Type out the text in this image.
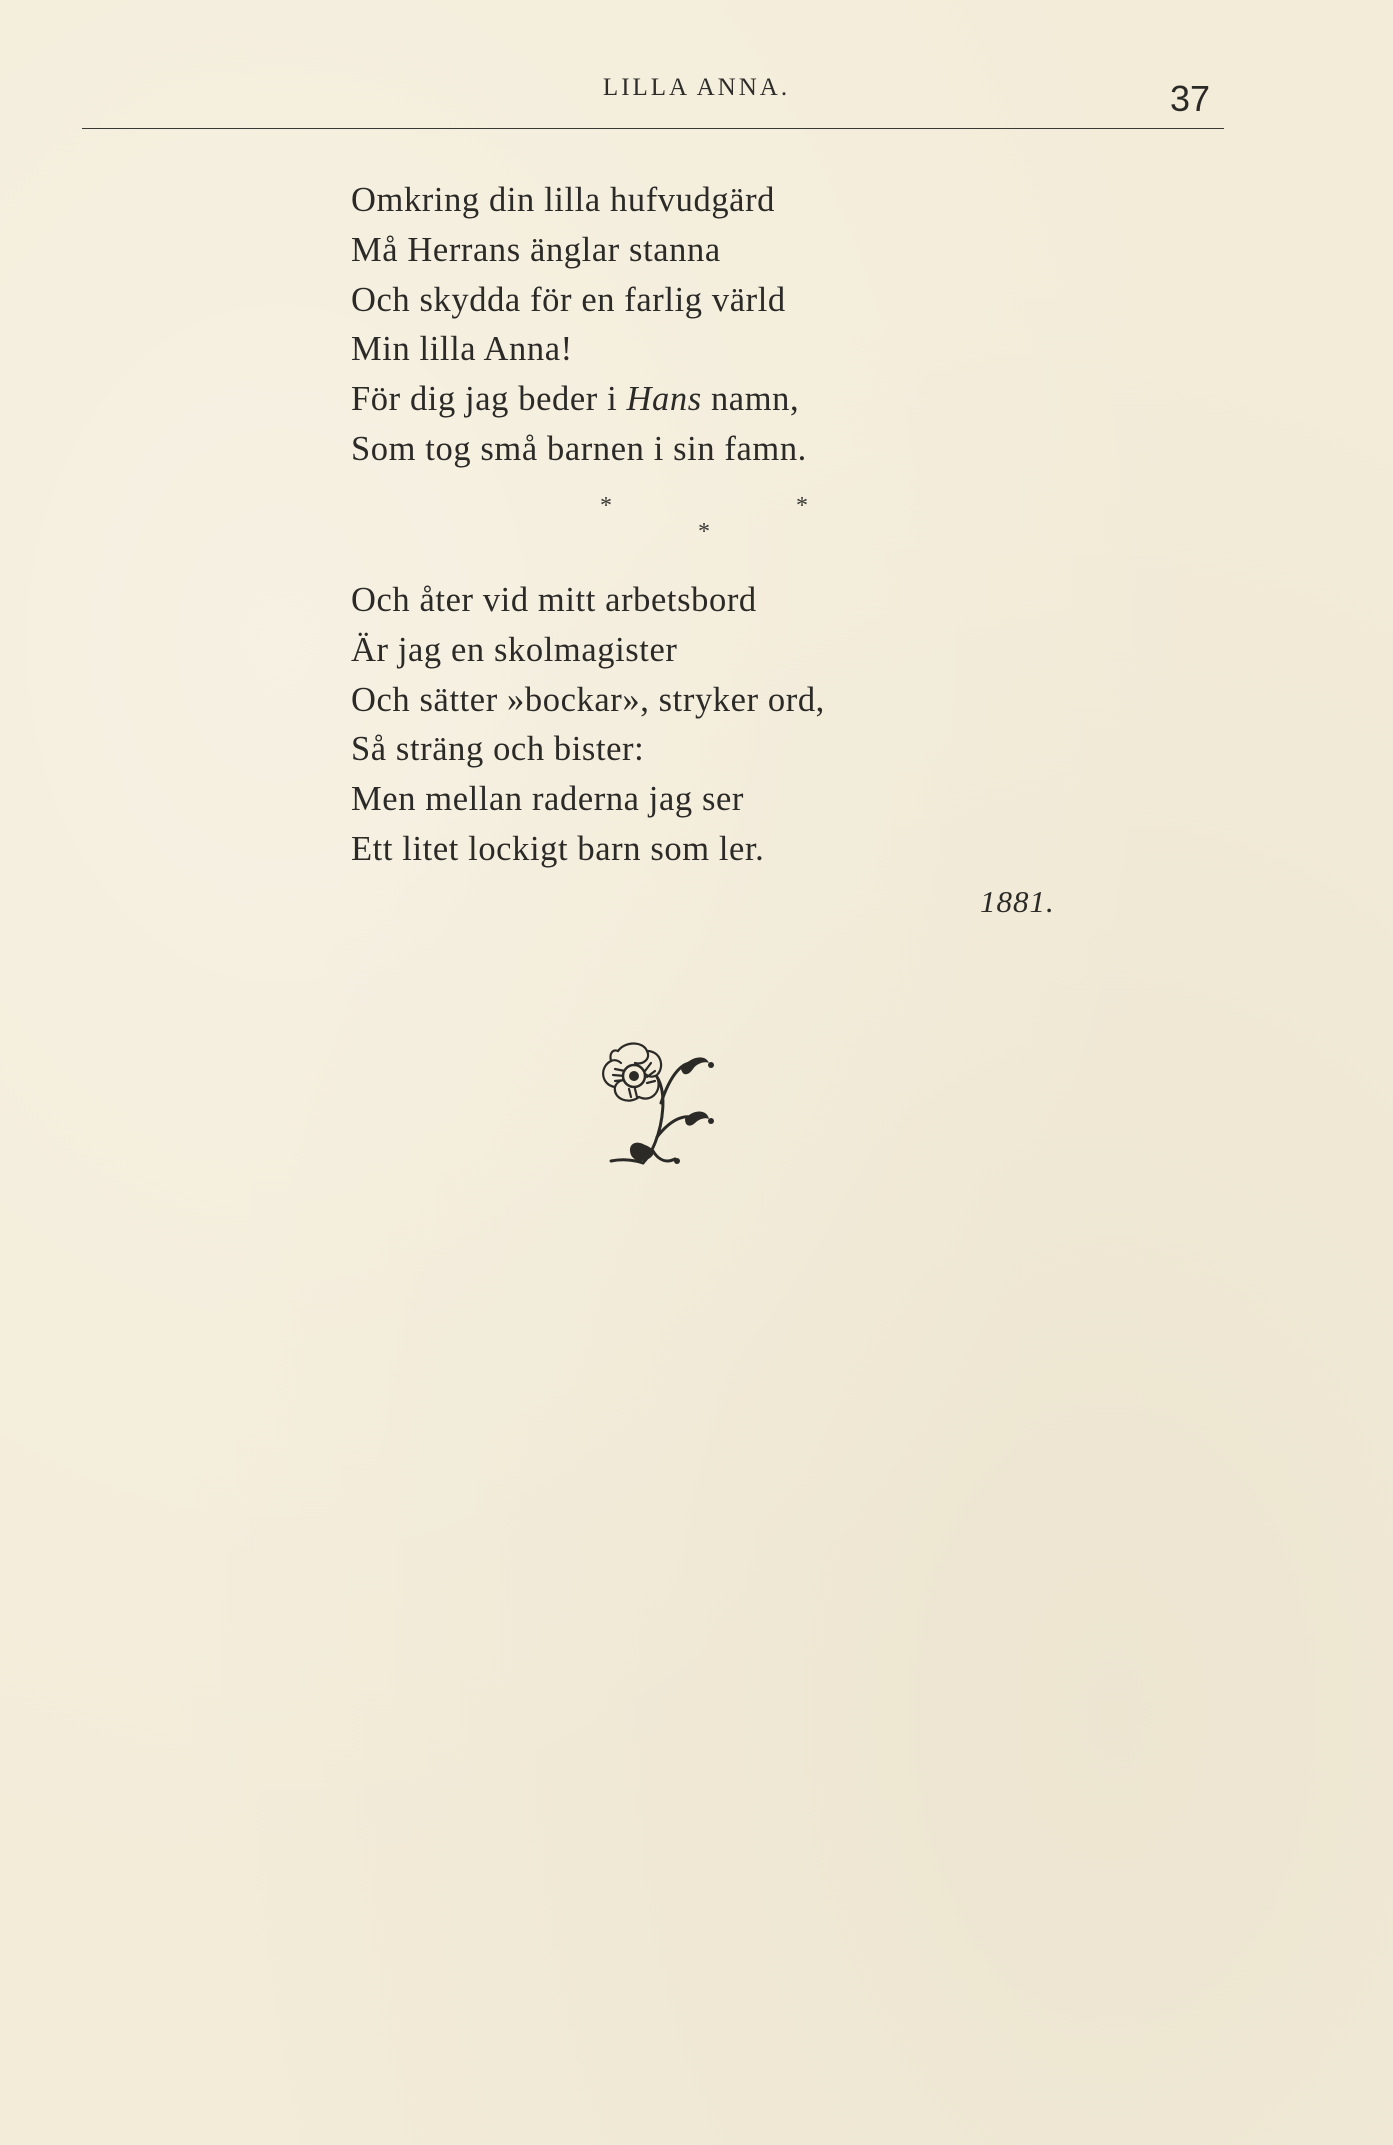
LILLA ANNA.	37
Omkring din lilla hufvudgärd
Må Herrans änglar stanna
Och skydda för en farlig värld
Min lilla Anna!
För dig jag beder i Hans namn,
Som tog små barnen i sin famn.
*	*
*
Och åter vid mitt arbetsbord
Är jag en skolmagister
Och sätter »bockar», stryker ord,
Så sträng och bister:
Men mellan raderna jag ser
Ett litet lockigt barn som ler.
1881.
